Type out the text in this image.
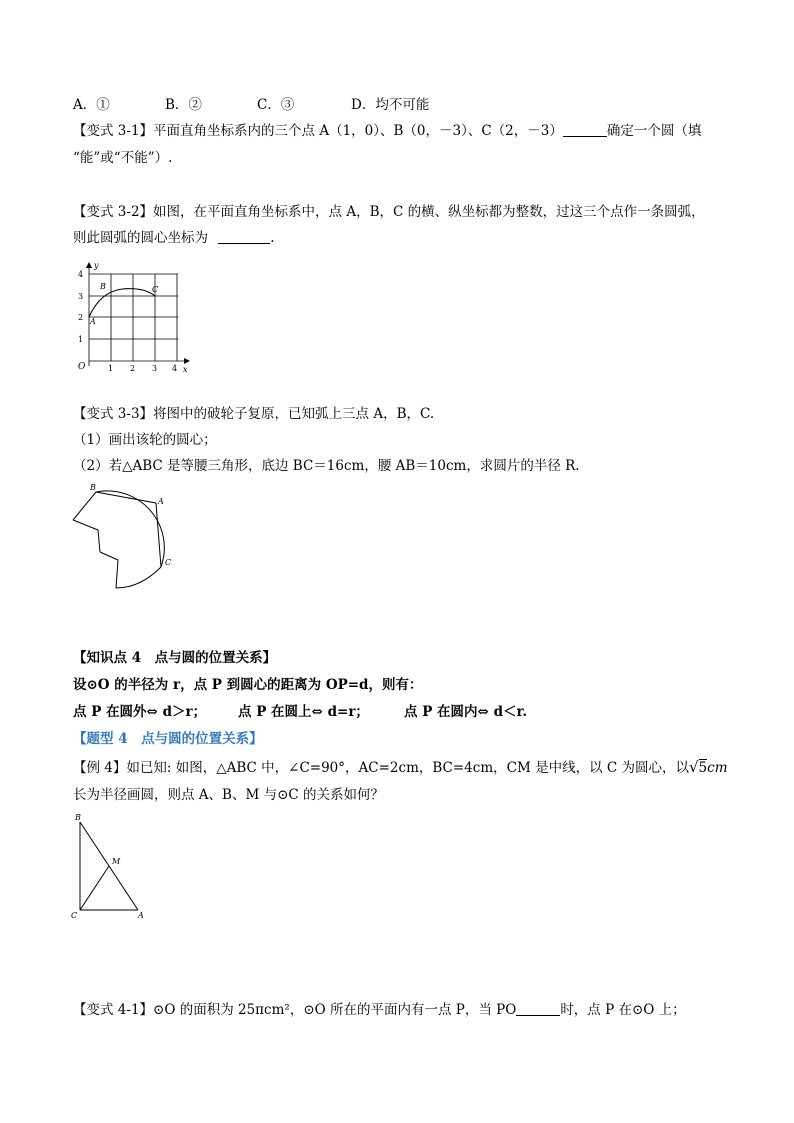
A．①	B．②	C．③	D．均不可能
【变式 3-1】平面直角坐标系内的三个点 A（1，0）、B（0，－3）、C（2，－3）	确定一个圆（填
“能”或“不能”）.
【变式 3-2】如图，在平面直角坐标系中，点 A，B，C 的横、纵坐标都为整数，过这三个点作一条圆弧，
则此圆弧的圆心坐标为	.
y
x
O	1 2 3 4
1
2
3
4
A
B	C
【变式 3-3】将图中的破轮子复原，已知弧上三点 A，B，C.
（1）画出该轮的圆心；
（2）若△ABC 是等腰三角形，底边 BC＝16cm，腰 AB＝10cm，求圆片的半径 R.
B
A
C
【知识点 4　点与圆的位置关系】
设⊙O 的半径为 r，点 P 到圆心的距离为 OP=d，则有：
点 P 在圆外⇔ d＞r； 点 P 在圆上⇔ d=r；	点 P 在圆内⇔ d＜r.
【题型 4　点与圆的位置关系】
【例 4】如已知: 如图，△ABC 中，∠C=90°，AC=2cm，BC=4cm，CM 是中线，以 C 为圆心，以√5cm
长为半径画圆，则点 A、B、M 与⊙C 的关系如何？
B
M
C	A
【变式 4-1】⊙O 的面积为 25πcm²，⊙O 所在的平面内有一点 P，当 PO	时，点 P 在⊙O 上；
